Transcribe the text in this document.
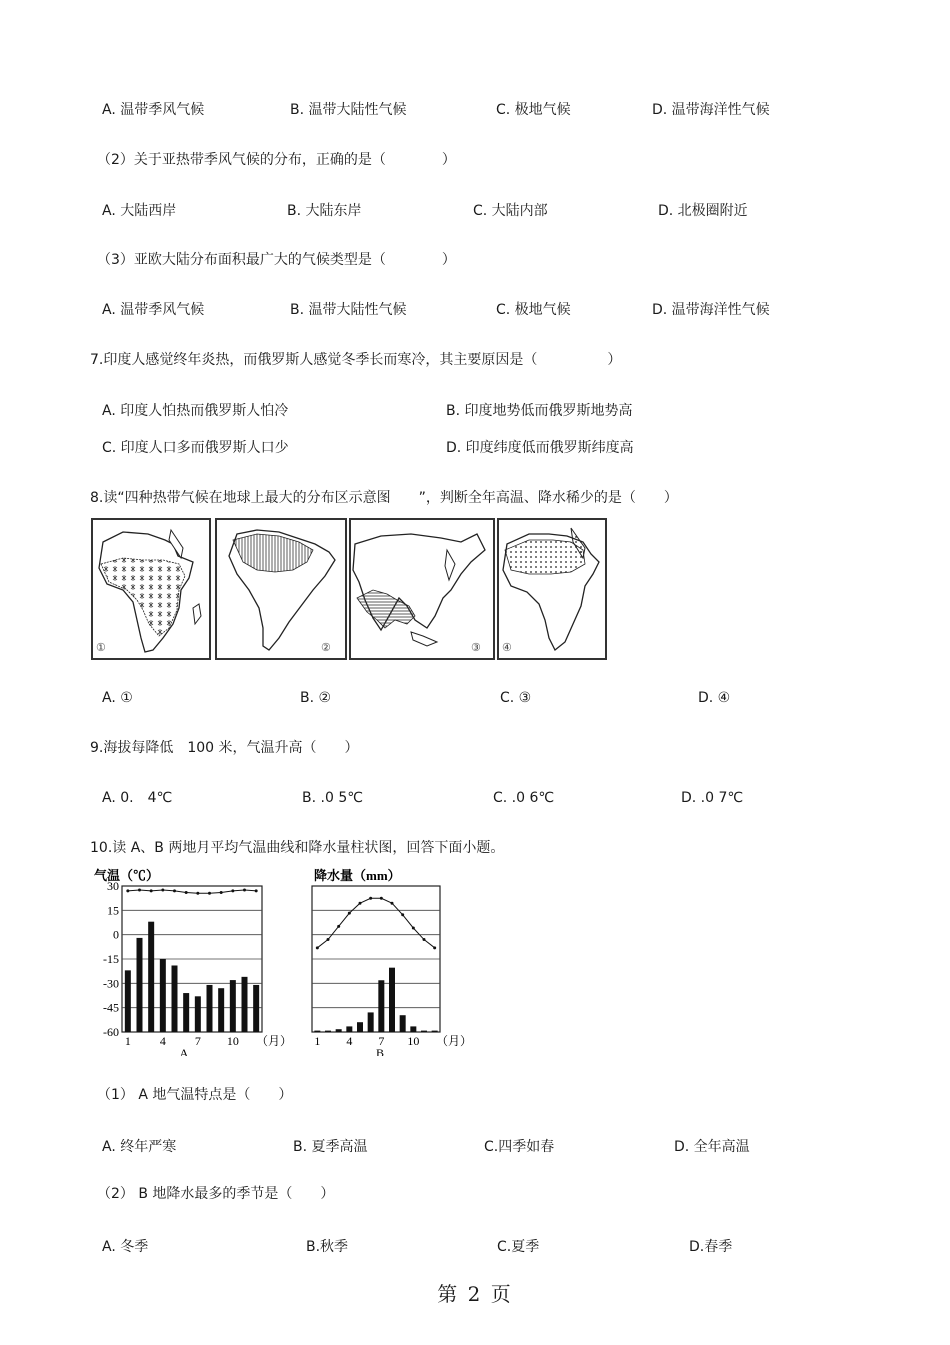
A. 温带季风气候	B. 温带大陆性气候	C. 极地气候	D. 温带海洋性气候
（2）关于亚热带季风气候的分布，正确的是（　　　　）
A. 大陆西岸	B. 大陆东岸	C. 大陆内部	D. 北极圈附近
（3）亚欧大陆分布面积最广大的气候类型是（　　　　）
A. 温带季风气候	B. 温带大陆性气候	C. 极地气候	D. 温带海洋性气候
7.印度人感觉终年炎热，而俄罗斯人感觉冬季长而寒冷，其主要原因是（　　　　　）
A. 印度人怕热而俄罗斯人怕冷	B. 印度地势低而俄罗斯地势高
C. 印度人口多而俄罗斯人口少	D. 印度纬度低而俄罗斯纬度高
8.读“四种热带气候在地球上最大的分布区示意图　　”，判断全年高温、降水稀少的是（　　）
①	②	③ ④
A. ①	B. ②	C. ③	D. ④
9.海拔每降低　100 米，气温升高（　　）
A. 0.　4℃	B. .0 5℃	C. .0 6℃	D. .0 7℃
10.读 A、B 两地月平均气温曲线和降水量柱状图，回答下面小题。
气温（℃）
30
15
0
-15
-30
-45
-60
1 4 7 10 （月）
A
降水量（mm）
1 4 7 10 （月）
B
（1） A 地气温特点是（　　）
A. 终年严寒	B. 夏季高温	C.四季如春	D. 全年高温
（2） B 地降水最多的季节是（　　）
A. 冬季	B.秋季	C.夏季	D.春季
第 2 页
